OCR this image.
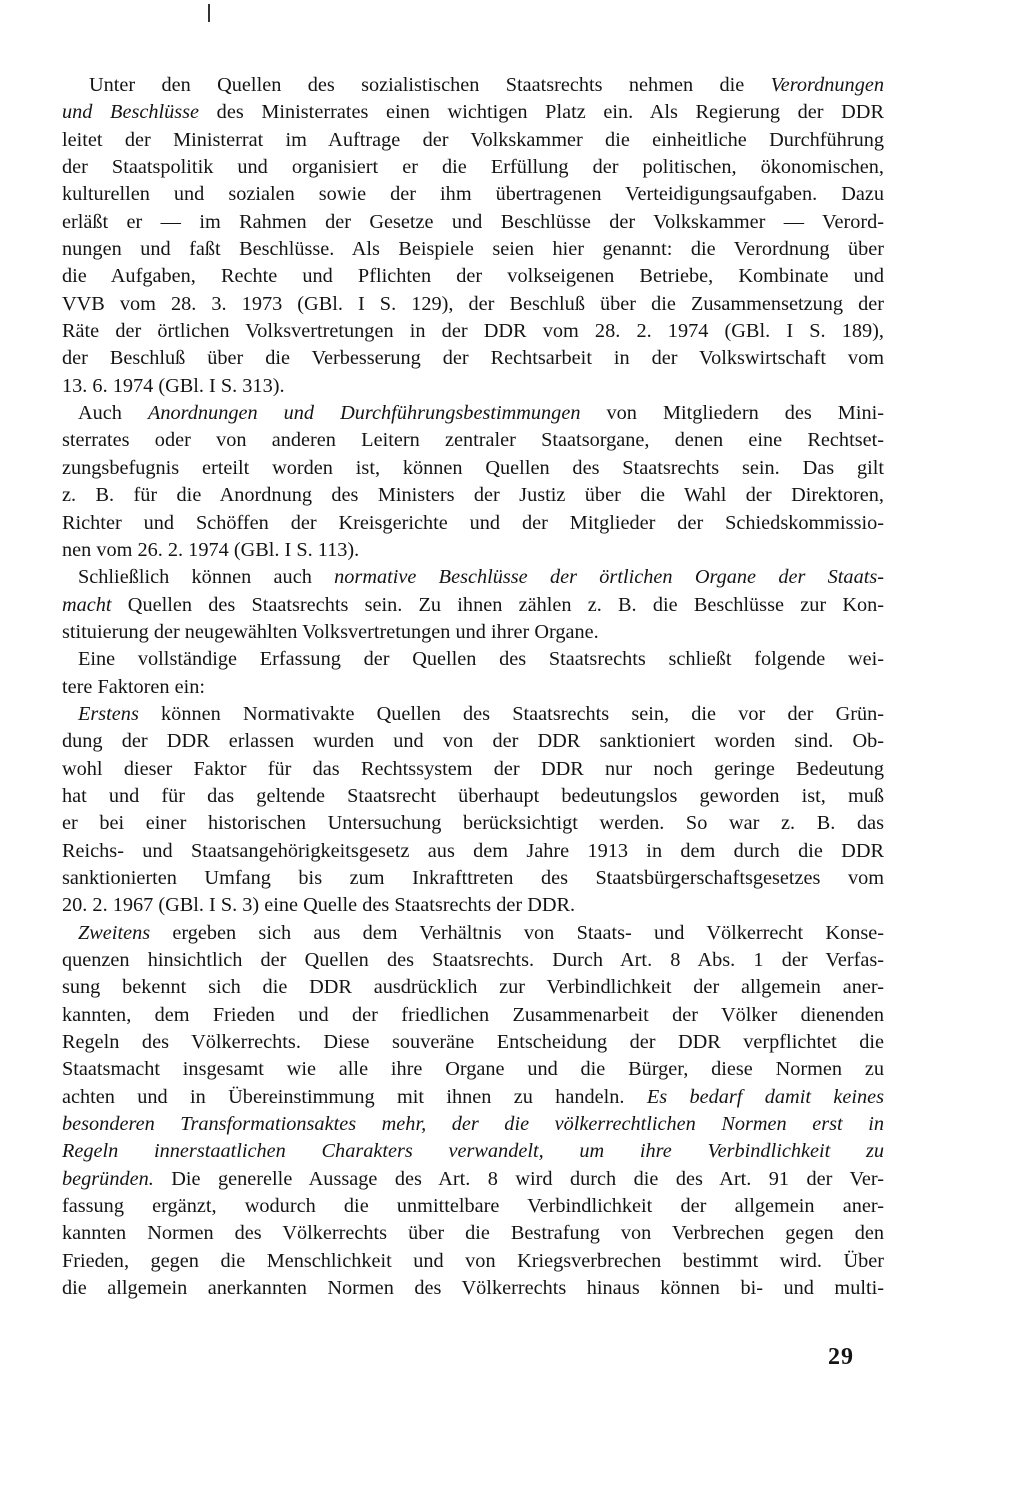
Unter den Quellen des sozialistischen Staatsrechts nehmen die Verordnungen
und Beschlüsse des Ministerrates einen wichtigen Platz ein. Als Regierung der DDR
leitet der Ministerrat im Auftrage der Volkskammer die einheitliche Durchführung
der Staatspolitik und organisiert er die Erfüllung der politischen, ökonomischen,
kulturellen und sozialen sowie der ihm übertragenen Verteidigungsaufgaben. Dazu
erläßt er — im Rahmen der Gesetze und Beschlüsse der Volkskammer — Verord-
nungen und faßt Beschlüsse. Als Beispiele seien hier genannt: die Verordnung über
die Aufgaben, Rechte und Pflichten der volkseigenen Betriebe, Kombinate und
VVB vom 28. 3. 1973 (GBl. I S. 129), der Beschluß über die Zusammensetzung der
Räte der örtlichen Volksvertretungen in der DDR vom 28. 2. 1974 (GBl. I S. 189),
der Beschluß über die Verbesserung der Rechtsarbeit in der Volkswirtschaft vom
13. 6. 1974 (GBl. I S. 313).

Auch Anordnungen und Durchführungsbestimmungen von Mitgliedern des Mini-
sterrates oder von anderen Leitern zentraler Staatsorgane, denen eine Rechtset-
zungsbefugnis erteilt worden ist, können Quellen des Staatsrechts sein. Das gilt
z. B. für die Anordnung des Ministers der Justiz über die Wahl der Direktoren,
Richter und Schöffen der Kreisgerichte und der Mitglieder der Schiedskommissio-
nen vom 26. 2. 1974 (GBl. I S. 113).

Schließlich können auch normative Beschlüsse der örtlichen Organe der Staats-
macht Quellen des Staatsrechts sein. Zu ihnen zählen z. B. die Beschlüsse zur Kon-
stituierung der neugewählten Volksvertretungen und ihrer Organe.

Eine vollständige Erfassung der Quellen des Staatsrechts schließt folgende wei-
tere Faktoren ein:

Erstens können Normativakte Quellen des Staatsrechts sein, die vor der Grün-
dung der DDR erlassen wurden und von der DDR sanktioniert worden sind. Ob-
wohl dieser Faktor für das Rechtssystem der DDR nur noch geringe Bedeutung
hat und für das geltende Staatsrecht überhaupt bedeutungslos geworden ist, muß
er bei einer historischen Untersuchung berücksichtigt werden. So war z. B. das
Reichs- und Staatsangehörigkeitsgesetz aus dem Jahre 1913 in dem durch die DDR
sanktionierten Umfang bis zum Inkrafttreten des Staatsbürgerschaftsgesetzes vom
20. 2. 1967 (GBl. I S. 3) eine Quelle des Staatsrechts der DDR.

Zweitens ergeben sich aus dem Verhältnis von Staats- und Völkerrecht Konse-
quenzen hinsichtlich der Quellen des Staatsrechts. Durch Art. 8 Abs. 1 der Verfas-
sung bekennt sich die DDR ausdrücklich zur Verbindlichkeit der allgemein aner-
kannten, dem Frieden und der friedlichen Zusammenarbeit der Völker dienenden
Regeln des Völkerrechts. Diese souveräne Entscheidung der DDR verpflichtet die
Staatsmacht insgesamt wie alle ihre Organe und die Bürger, diese Normen zu
achten und in Übereinstimmung mit ihnen zu handeln. Es bedarf damit keines
besonderen Transformationsaktes mehr, der die völkerrechtlichen Normen erst in
Regeln innerstaatlichen Charakters verwandelt, um ihre Verbindlichkeit zu
begründen. Die generelle Aussage des Art. 8 wird durch die des Art. 91 der Ver-
fassung ergänzt, wodurch die unmittelbare Verbindlichkeit der allgemein aner-
kannten Normen des Völkerrechts über die Bestrafung von Verbrechen gegen den
Frieden, gegen die Menschlichkeit und von Kriegsverbrechen bestimmt wird. Über
die allgemein anerkannten Normen des Völkerrechts hinaus können bi- und multi-

29
